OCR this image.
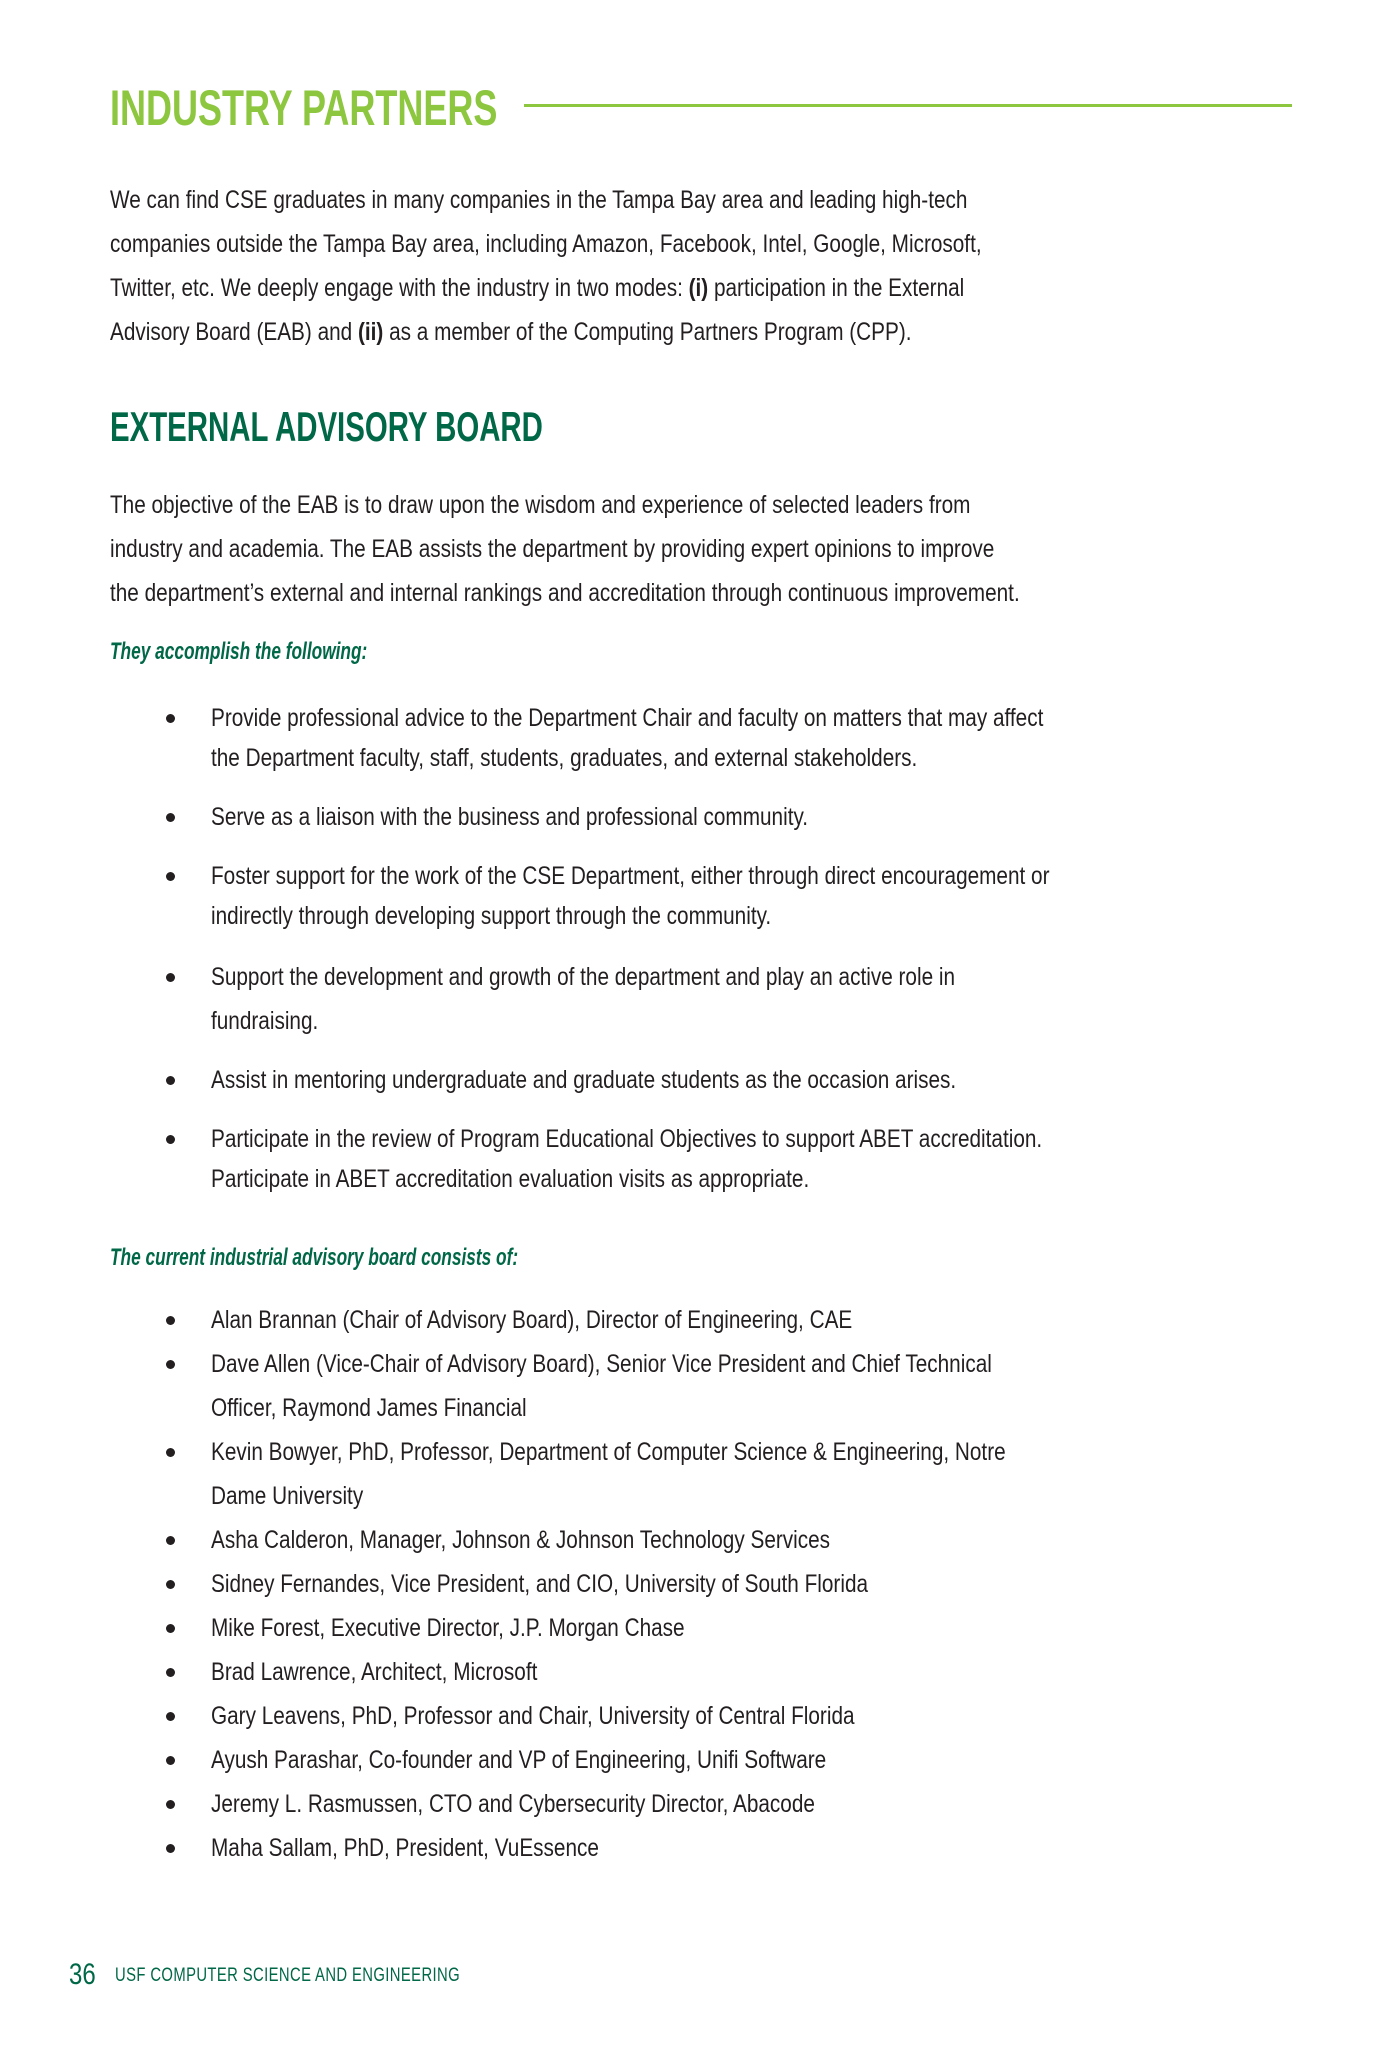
INDUSTRY PARTNERS
We can find CSE graduates in many companies in the Tampa Bay area and leading high-tech
companies outside the Tampa Bay area, including Amazon, Facebook, Intel, Google, Microsoft,
Twitter, etc. We deeply engage with the industry in two modes: (i) participation in the External
Advisory Board (EAB) and (ii) as a member of the Computing Partners Program (CPP).
EXTERNAL ADVISORY BOARD
The objective of the EAB is to draw upon the wisdom and experience of selected leaders from
industry and academia. The EAB assists the department by providing expert opinions to improve
the department’s external and internal rankings and accreditation through continuous improvement.
They accomplish the following:
Provide professional advice to the Department Chair and faculty on matters that may affect
the Department faculty, staff, students, graduates, and external stakeholders.
Serve as a liaison with the business and professional community.
Foster support for the work of the CSE Department, either through direct encouragement or
indirectly through developing support through the community.
Support the development and growth of the department and play an active role in
fundraising.
Assist in mentoring undergraduate and graduate students as the occasion arises.
Participate in the review of Program Educational Objectives to support ABET accreditation.
Participate in ABET accreditation evaluation visits as appropriate.
The current industrial advisory board consists of:
Alan Brannan (Chair of Advisory Board), Director of Engineering, CAE
Dave Allen (Vice-Chair of Advisory Board), Senior Vice President and Chief Technical
Officer, Raymond James Financial
Kevin Bowyer, PhD, Professor, Department of Computer Science & Engineering, Notre
Dame University
Asha Calderon, Manager, Johnson & Johnson Technology Services
Sidney Fernandes, Vice President, and CIO, University of South Florida
Mike Forest, Executive Director, J.P. Morgan Chase
Brad Lawrence, Architect, Microsoft
Gary Leavens, PhD, Professor and Chair, University of Central Florida
Ayush Parashar, Co-founder and VP of Engineering, Unifi Software
Jeremy L. Rasmussen, CTO and Cybersecurity Director, Abacode
Maha Sallam, PhD, President, VuEssence
36 USF COMPUTER SCIENCE AND ENGINEERING
